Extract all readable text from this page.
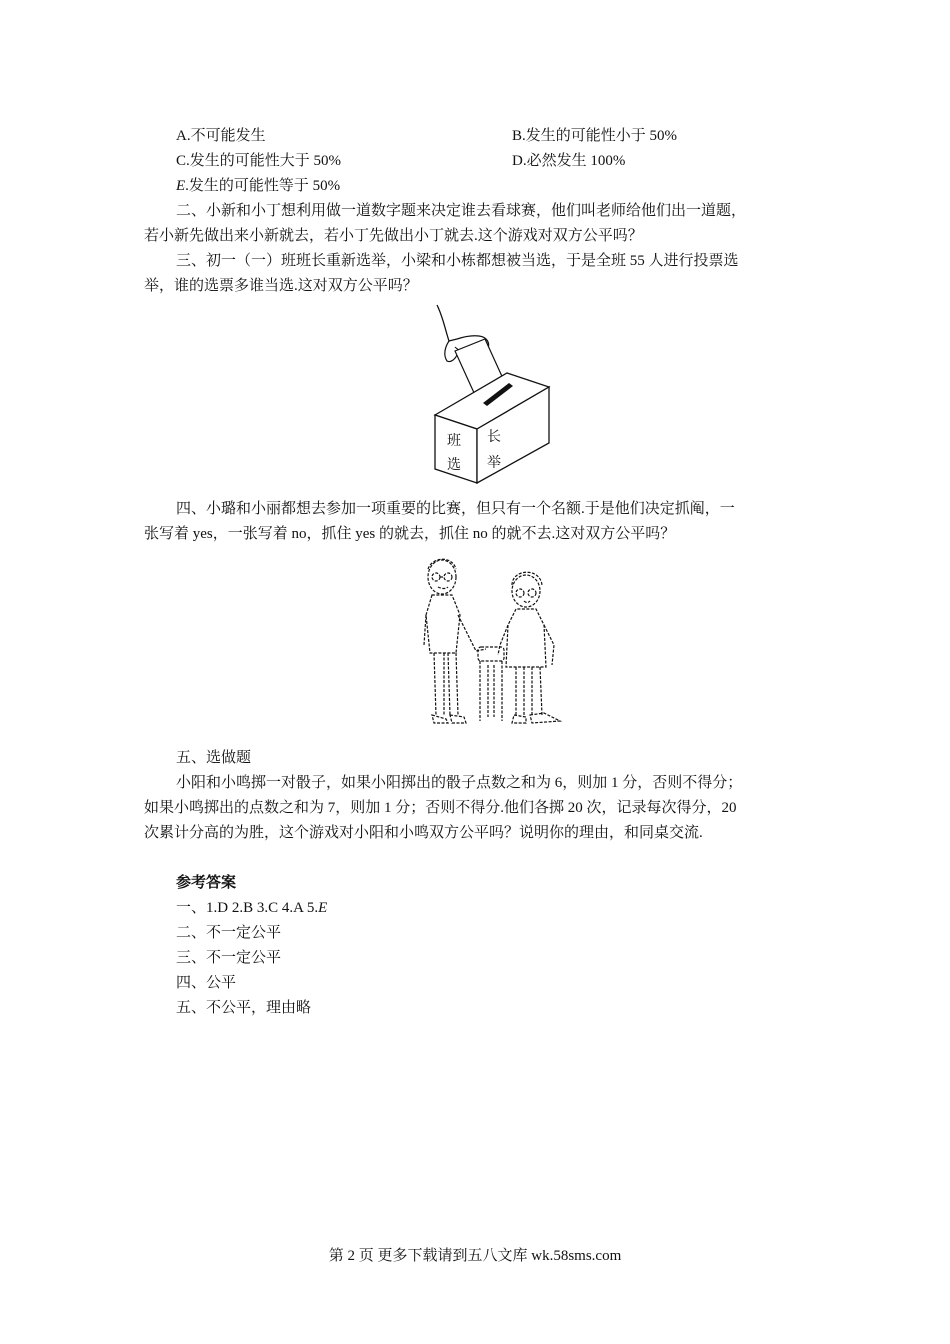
A.不可能发生	B.发生的可能性小于 50%
C.发生的可能性大于 50%	D.必然发生 100%
E.发生的可能性等于 50%
二、小新和小丁想利用做一道数字题来决定谁去看球赛，他们叫老师给他们出一道题，
若小新先做出来小新就去，若小丁先做出小丁就去.这个游戏对双方公平吗？
三、初一（一）班班长重新选举，小梁和小栋都想被当选，于是全班 55 人进行投票选
举，谁的选票多谁当选.这对双方公平吗？
班 长
选 举
四、小璐和小丽都想去参加一项重要的比赛，但只有一个名额.于是他们决定抓阄，一
张写着 yes，一张写着 no，抓住 yes 的就去，抓住 no 的就不去.这对双方公平吗？
五、选做题
小阳和小鸣掷一对骰子，如果小阳掷出的骰子点数之和为 6，则加 1 分，否则不得分；
如果小鸣掷出的点数之和为 7，则加 1 分；否则不得分.他们各掷 20 次，记录每次得分，20
次累计分高的为胜，这个游戏对小阳和小鸣双方公平吗？说明你的理由，和同桌交流.
参考答案
一、1.D 2.B 3.C 4.A 5.E
二、不一定公平
三、不一定公平
四、公平
五、不公平，理由略
第 2 页 更多下载请到五八文库 wk.58sms.com
